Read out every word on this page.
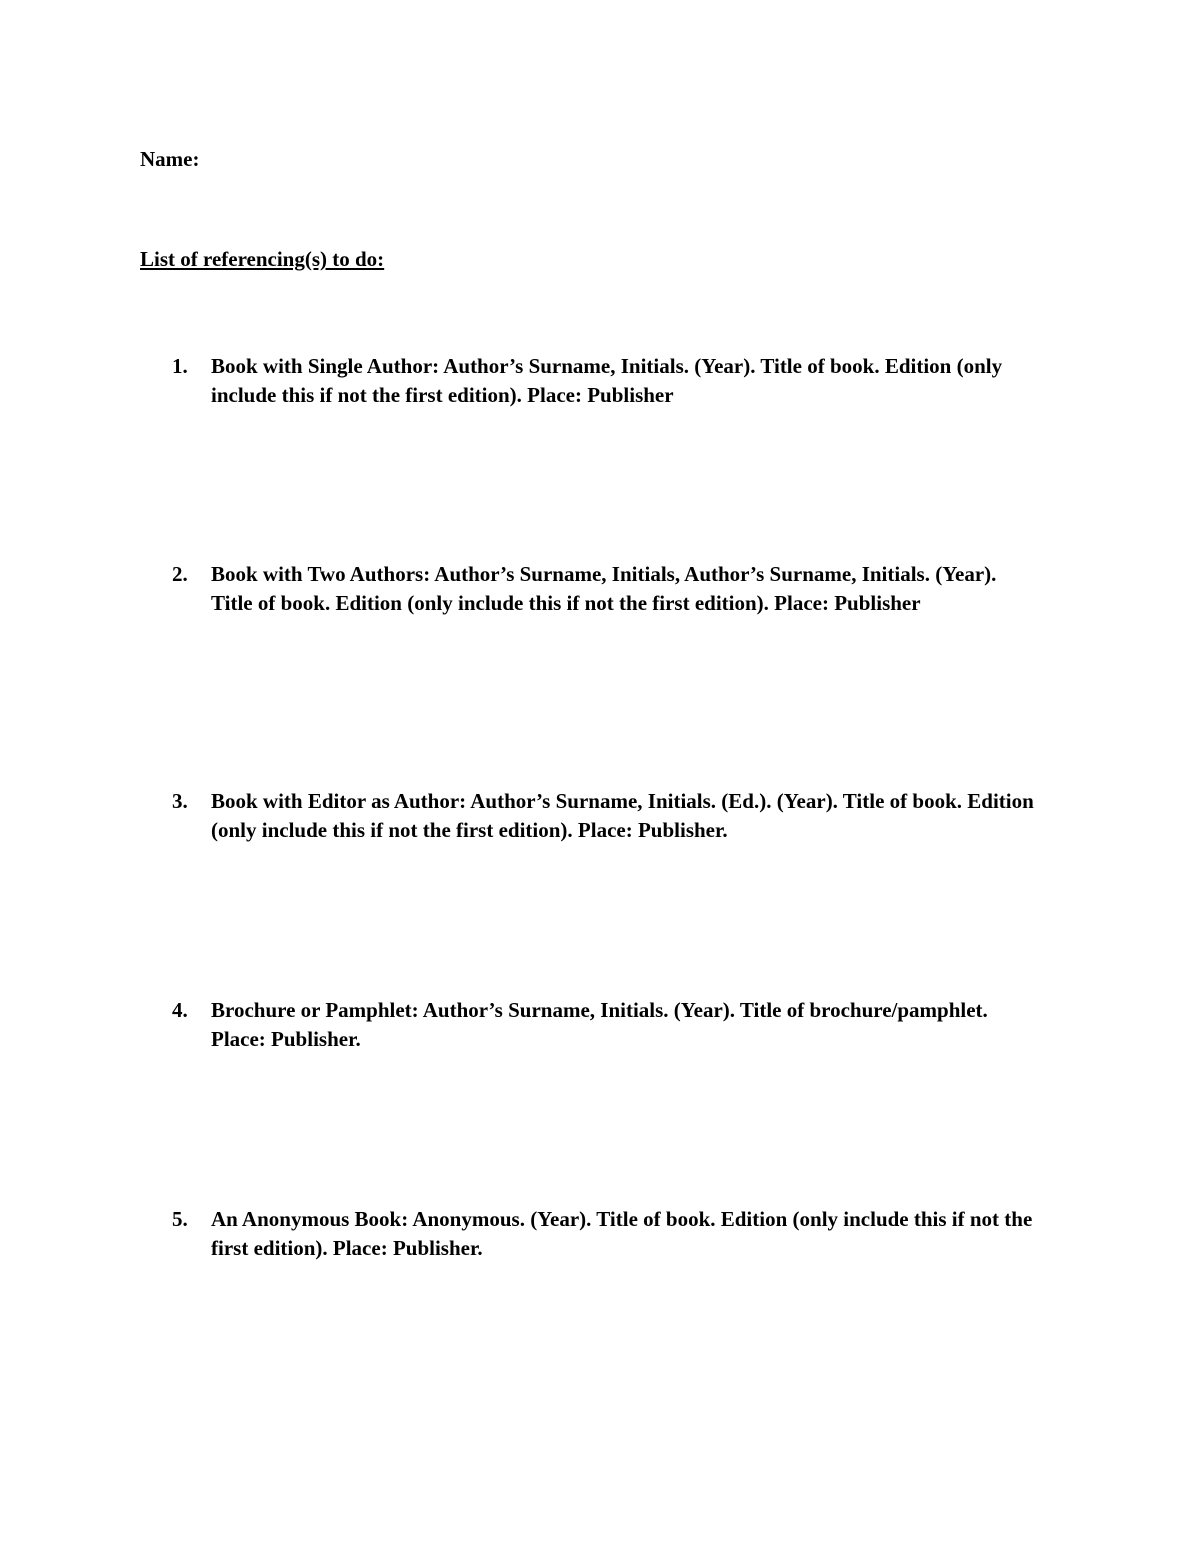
Name:
List of referencing(s) to do:
1.	Book with Single Author: Author’s Surname, Initials. (Year). Title of book. Edition (only include this if not the first edition). Place: Publisher
2.	Book with Two Authors: Author’s Surname, Initials, Author’s Surname, Initials. (Year). Title of book. Edition (only include this if not the first edition). Place: Publisher
3.	Book with Editor as Author: Author’s Surname, Initials. (Ed.). (Year). Title of book. Edition (only include this if not the first edition). Place: Publisher.
4.	Brochure or Pamphlet: Author’s Surname, Initials. (Year). Title of brochure/pamphlet. Place: Publisher.
5.	An Anonymous Book: Anonymous. (Year). Title of book. Edition (only include this if not the first edition). Place: Publisher.
